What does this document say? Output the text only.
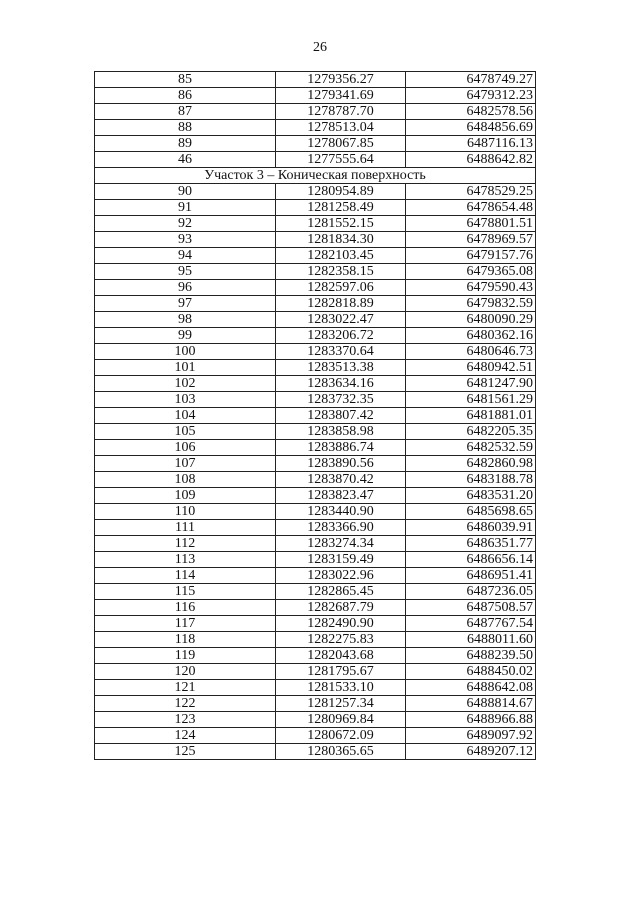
26
85	1279356.27	6478749.27
86	1279341.69	6479312.23
87	1278787.70	6482578.56
88	1278513.04	6484856.69
89	1278067.85	6487116.13
46	1277555.64	6488642.82
Участок 3 – Коническая поверхность		
90	1280954.89	6478529.25
91	1281258.49	6478654.48
92	1281552.15	6478801.51
93	1281834.30	6478969.57
94	1282103.45	6479157.76
95	1282358.15	6479365.08
96	1282597.06	6479590.43
97	1282818.89	6479832.59
98	1283022.47	6480090.29
99	1283206.72	6480362.16
100	1283370.64	6480646.73
101	1283513.38	6480942.51
102	1283634.16	6481247.90
103	1283732.35	6481561.29
104	1283807.42	6481881.01
105	1283858.98	6482205.35
106	1283886.74	6482532.59
107	1283890.56	6482860.98
108	1283870.42	6483188.78
109	1283823.47	6483531.20
110	1283440.90	6485698.65
111	1283366.90	6486039.91
112	1283274.34	6486351.77
113	1283159.49	6486656.14
114	1283022.96	6486951.41
115	1282865.45	6487236.05
116	1282687.79	6487508.57
117	1282490.90	6487767.54
118	1282275.83	6488011.60
119	1282043.68	6488239.50
120	1281795.67	6488450.02
121	1281533.10	6488642.08
122	1281257.34	6488814.67
123	1280969.84	6488966.88
124	1280672.09	6489097.92
125	1280365.65	6489207.12
